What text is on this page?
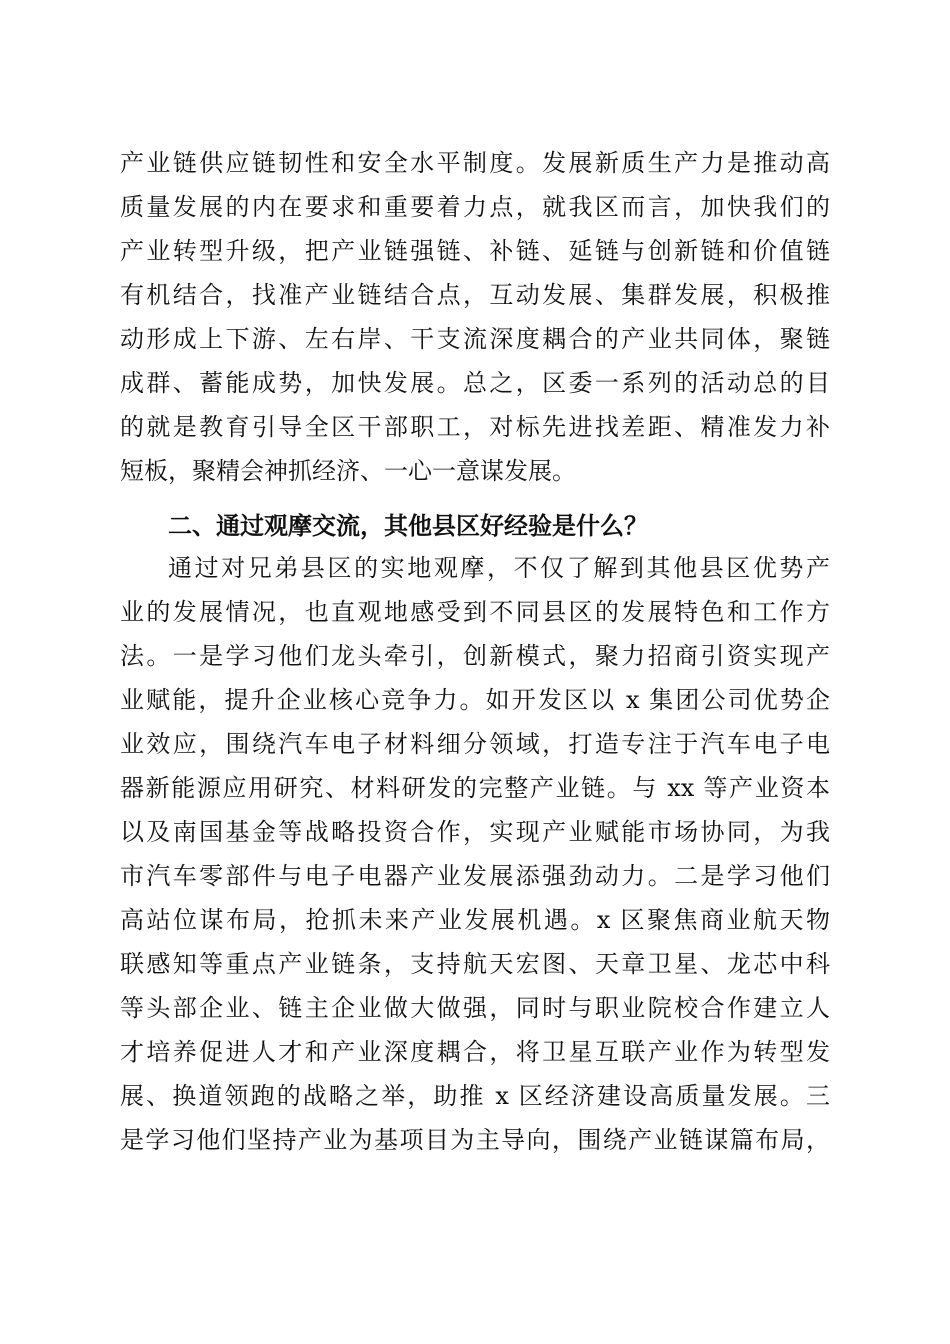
产业链供应链韧性和安全水平制度。发展新质生产力是推动高
质量发展的内在要求和重要着力点，就我区而言，加快我们的
产业转型升级，把产业链强链、补链、延链与创新链和价值链
有机结合，找准产业链结合点，互动发展、集群发展，积极推
动形成上下游、左右岸、干支流深度耦合的产业共同体，聚链
成群、蓄能成势，加快发展。总之，区委一系列的活动总的目
的就是教育引导全区干部职工，对标先进找差距、精准发力补
短板，聚精会神抓经济、一心一意谋发展。
二、通过观摩交流，其他县区好经验是什么？
通过对兄弟县区的实地观摩，不仅了解到其他县区优势产
业的发展情况，也直观地感受到不同县区的发展特色和工作方
法。一是学习他们龙头牵引，创新模式，聚力招商引资实现产
业赋能，提升企业核心竞争力。如开发区以 x 集团公司优势企
业效应，围绕汽车电子材料细分领域，打造专注于汽车电子电
器新能源应用研究、材料研发的完整产业链。与 xx 等产业资本
以及南国基金等战略投资合作，实现产业赋能市场协同，为我
市汽车零部件与电子电器产业发展添强劲动力。二是学习他们
高站位谋布局，抢抓未来产业发展机遇。x 区聚焦商业航天物
联感知等重点产业链条，支持航天宏图、天章卫星、龙芯中科
等头部企业、链主企业做大做强，同时与职业院校合作建立人
才培养促进人才和产业深度耦合，将卫星互联产业作为转型发
展、换道领跑的战略之举，助推 x 区经济建设高质量发展。三
是学习他们坚持产业为基项目为主导向，围绕产业链谋篇布局，
